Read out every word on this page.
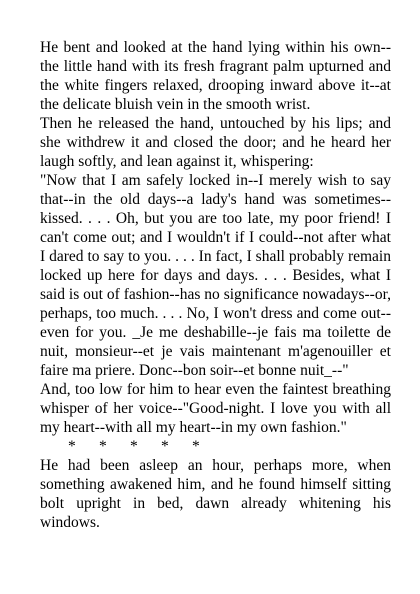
He bent and looked at the hand lying within his own--the little hand with its fresh fragrant palm upturned and the white fingers relaxed, drooping inward above it--at the delicate bluish vein in the smooth wrist.

Then he released the hand, untouched by his lips; and she withdrew it and closed the door; and he heard her laugh softly, and lean against it, whispering:

"Now that I am safely locked in--I merely wish to say that--in the old days--a lady's hand was sometimes--kissed. . . . Oh, but you are too late, my poor friend! I can't come out; and I wouldn't if I could--not after what I dared to say to you. . . . In fact, I shall probably remain locked up here for days and days. . . . Besides, what I said is out of fashion--has no significance nowadays--or, perhaps, too much. . . . No, I won't dress and come out--even for you. _Je me deshabille--je fais ma toilette de nuit, monsieur--et je vais maintenant m'agenouiller et faire ma priere. Donc--bon soir--et bonne nuit_--"

And, too low for him to hear even the faintest breathing whisper of her voice--"Good-night. I love you with all my heart--with all my heart--in my own fashion."

*      *      *      *      *

He had been asleep an hour, perhaps more, when something awakened him, and he found himself sitting bolt upright in bed, dawn already whitening his windows.
